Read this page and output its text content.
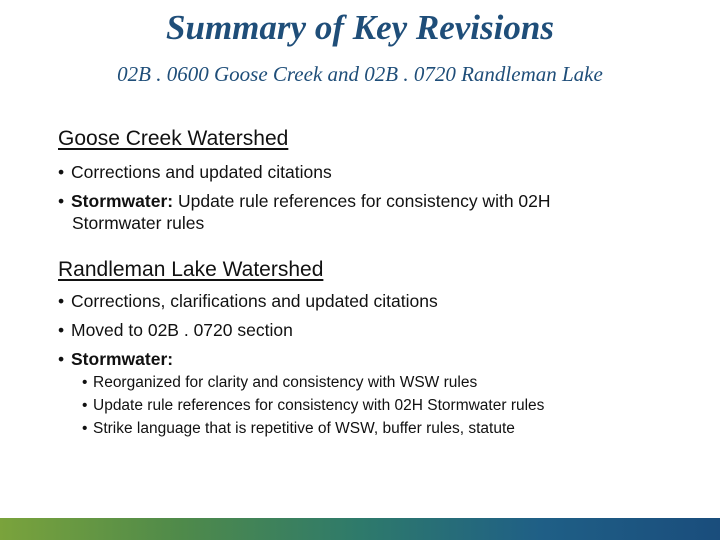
Summary of Key Revisions
02B . 0600 Goose Creek and 02B . 0720 Randleman Lake
Goose Creek Watershed
• Corrections and updated citations
• Stormwater: Update rule references for consistency with 02H
Stormwater rules
Randleman Lake Watershed
• Corrections, clarifications and updated citations
• Moved to 02B . 0720 section
• Stormwater:
• Reorganized for clarity and consistency with WSW rules
• Update rule references for consistency with 02H Stormwater rules
• Strike language that is repetitive of WSW, buffer rules, statute
